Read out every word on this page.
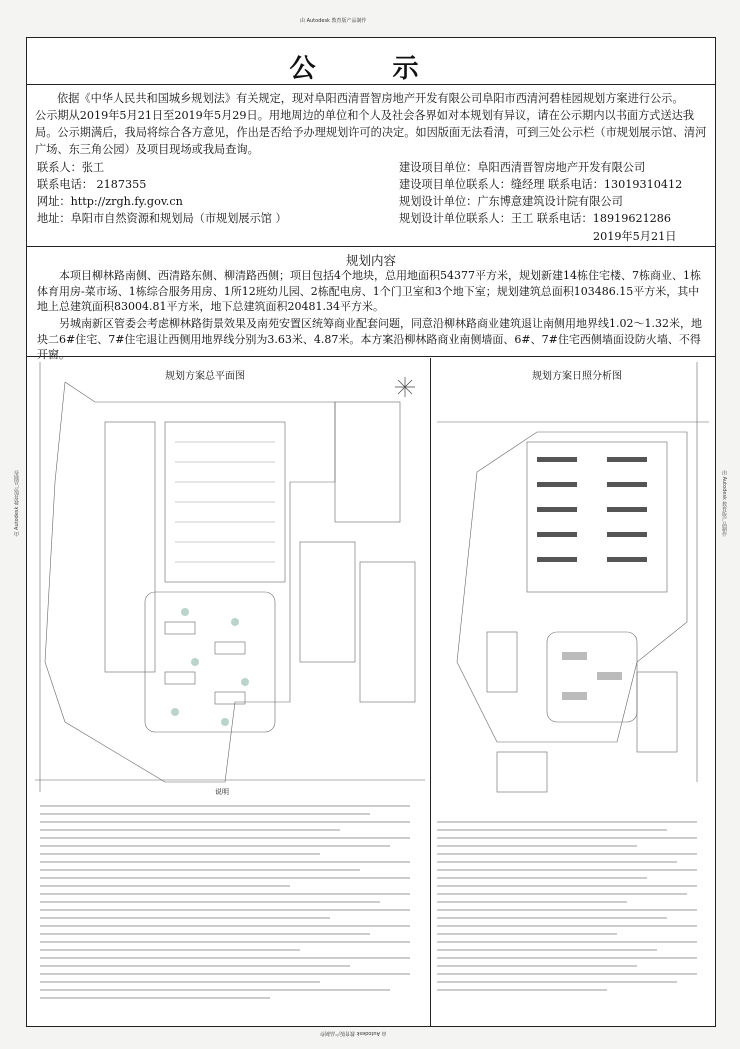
由 Autodesk 教育版产品制作
由 Autodesk 教育版产品制作
由 Autodesk 教育版产品制作	由 Autodesk 教育版产品制作
公 示
依据《中华人民共和国城乡规划法》有关规定，现对阜阳西清晋智房地产开发有限公司阜阳市西清河碧桂园规划方案进行公示。
公示期从2019年5月21日至2019年5月29日。用地周边的单位和个人及社会各界如对本规划有异议，请在公示期内以书面方式送达我局。公示期满后，我局将综合各方意见，作出是否给予办理规划许可的决定。如因版面无法看清，可到三处公示栏（市规划展示馆、清河广场、东三角公园）及项目现场或我局查询。
联系人：张工
联系电话： 2187355
网址：http://zrgh.fy.gov.cn
地址：阜阳市自然资源和规划局（市规划展示馆 ）
建设项目单位：阜阳西清晋智房地产开发有限公司
建设项目单位联系人：缝经理 联系电话：13019310412
规划设计单位：广东博意建筑设计院有限公司
规划设计单位联系人：王工 联系电话：18919621286
2019年5月21日
规划内容
本项目柳林路南侧、西清路东侧、柳清路西侧；项目包括4个地块，总用地面积54377平方米，规划新建14栋住宅楼、7栋商业、1栋体育用房-菜市场、1栋综合服务用房、1所12班幼儿园、2栋配电房、1个门卫室和3个地下室；规划建筑总面积103486.15平方米，其中地上总建筑面积83004.81平方米，地下总建筑面积20481.34平方米。
另城南新区管委会考虑柳林路街景效果及南苑安置区统筹商业配套问题，同意沿柳林路商业建筑退让南侧用地界线1.02～1.32米，地块二6#住宅、7#住宅退让西侧用地界线分别为3.63米、4.87米。本方案沿柳林路商业南侧墙面、6#、7#住宅西侧墙面设防火墙、不得开窗。
规划方案总平面图
说明
规划方案日照分析图
